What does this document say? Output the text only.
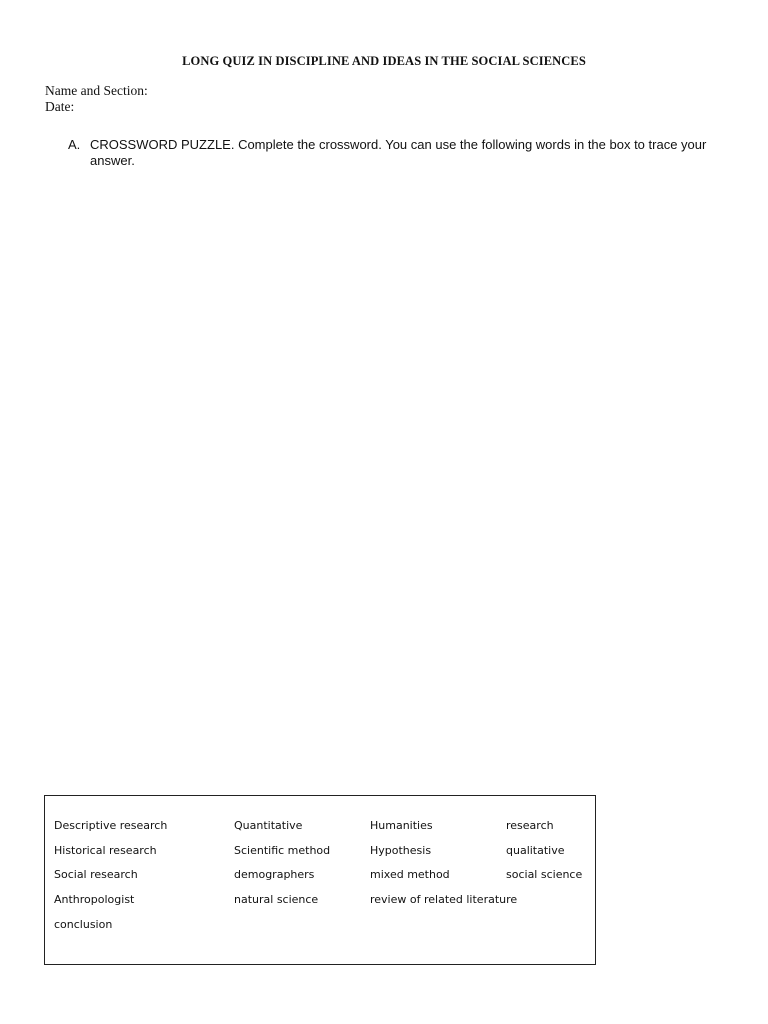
LONG QUIZ IN DISCIPLINE AND IDEAS IN THE SOCIAL SCIENCES
Name and Section:
Date:
A. CROSSWORD PUZZLE. Complete the crossword. You can use the following words in the box to trace your answer.
Descriptive research	Quantitative	Humanities	research
Historical research	Scientific method	Hypothesis	qualitative
Social research	demographers	mixed method	social science
Anthropologist	natural science	review of related literature
conclusion
